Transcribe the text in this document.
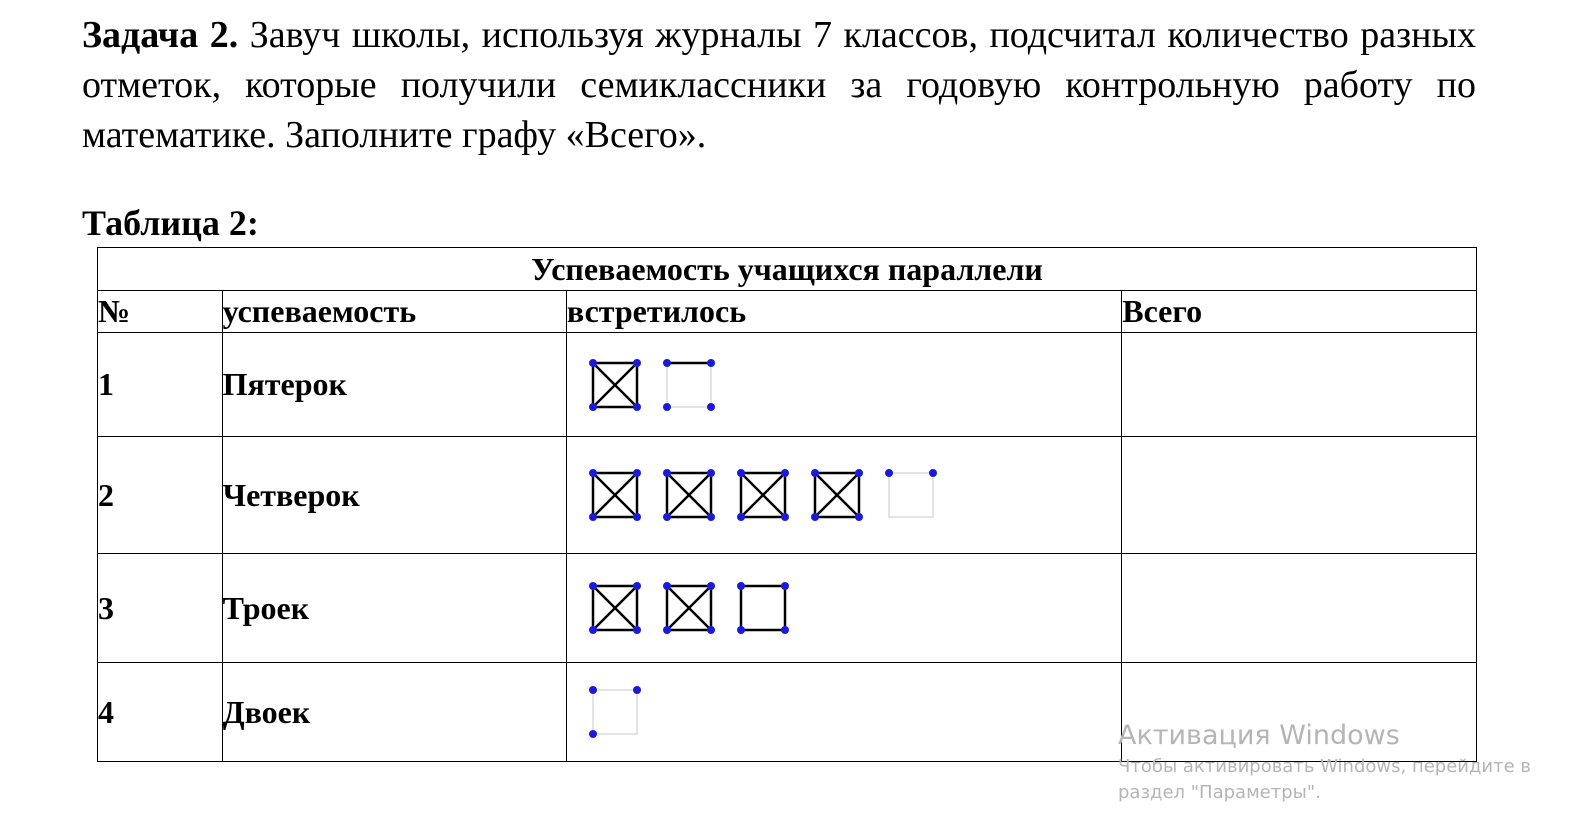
Задача 2. Завуч школы, используя журналы 7 классов, подсчитал количество разных отметок, которые получили семиклассники за годовую контрольную работу по математике. Заполните графу «Всего».

Таблица 2:

Успеваемость учащихся параллели			
№	успеваемость	встретилось	Всего
1	Пятерок	

2	Четверок	

3	Троек	

4	Двоек	

Активация Windows
Чтобы активировать Windows, перейдите в
раздел "Параметры".
